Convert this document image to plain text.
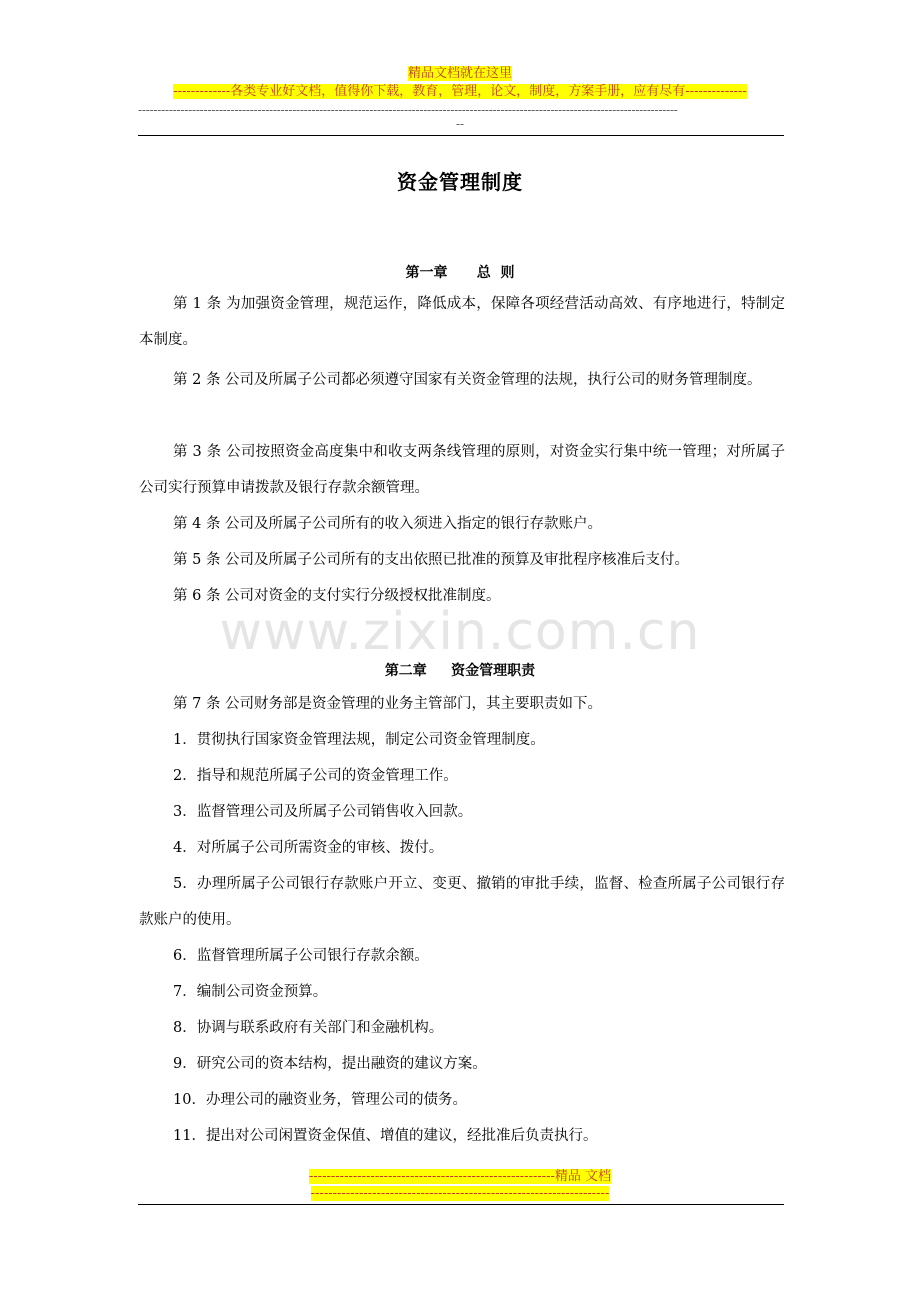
www.zixin.com.cn
精品文档就在这里
-------------各类专业好文档，值得你下载，教育，管理，论文，制度，方案手册，应有尽有--------------
--------------------------------------------------------------------------------------------------------------------------------------------
--
资金管理制度
第一章      总  则
第 1 条 为加强资金管理，规范运作，降低成本，保障各项经营活动高效、有序地进行，特制定本制度。
第 2 条 公司及所属子公司都必须遵守国家有关资金管理的法规，执行公司的财务管理制度。
第 3 条 公司按照资金高度集中和收支两条线管理的原则，对资金实行集中统一管理；对所属子公司实行预算申请拨款及银行存款余额管理。
第 4 条 公司及所属子公司所有的收入须进入指定的银行存款账户。
第 5 条 公司及所属子公司所有的支出依照已批准的预算及审批程序核准后支付。
第 6 条 公司对资金的支付实行分级授权批准制度。
第二章     资金管理职责
第 7 条 公司财务部是资金管理的业务主管部门，其主要职责如下。
1．贯彻执行国家资金管理法规，制定公司资金管理制度。
2．指导和规范所属子公司的资金管理工作。
3．监督管理公司及所属子公司销售收入回款。
4．对所属子公司所需资金的审核、拨付。
5．办理所属子公司银行存款账户开立、变更、撤销的审批手续，监督、检查所属子公司银行存款账户的使用。
6．监督管理所属子公司银行存款余额。
7．编制公司资金预算。
8．协调与联系政府有关部门和金融机构。
9．研究公司的资本结构，提出融资的建议方案。
10．办理公司的融资业务，管理公司的债务。
11．提出对公司闲置资金保值、增值的建议，经批准后负责执行。
--------------------------------------------------------精品 文档
--------------------------------------------------------------------
